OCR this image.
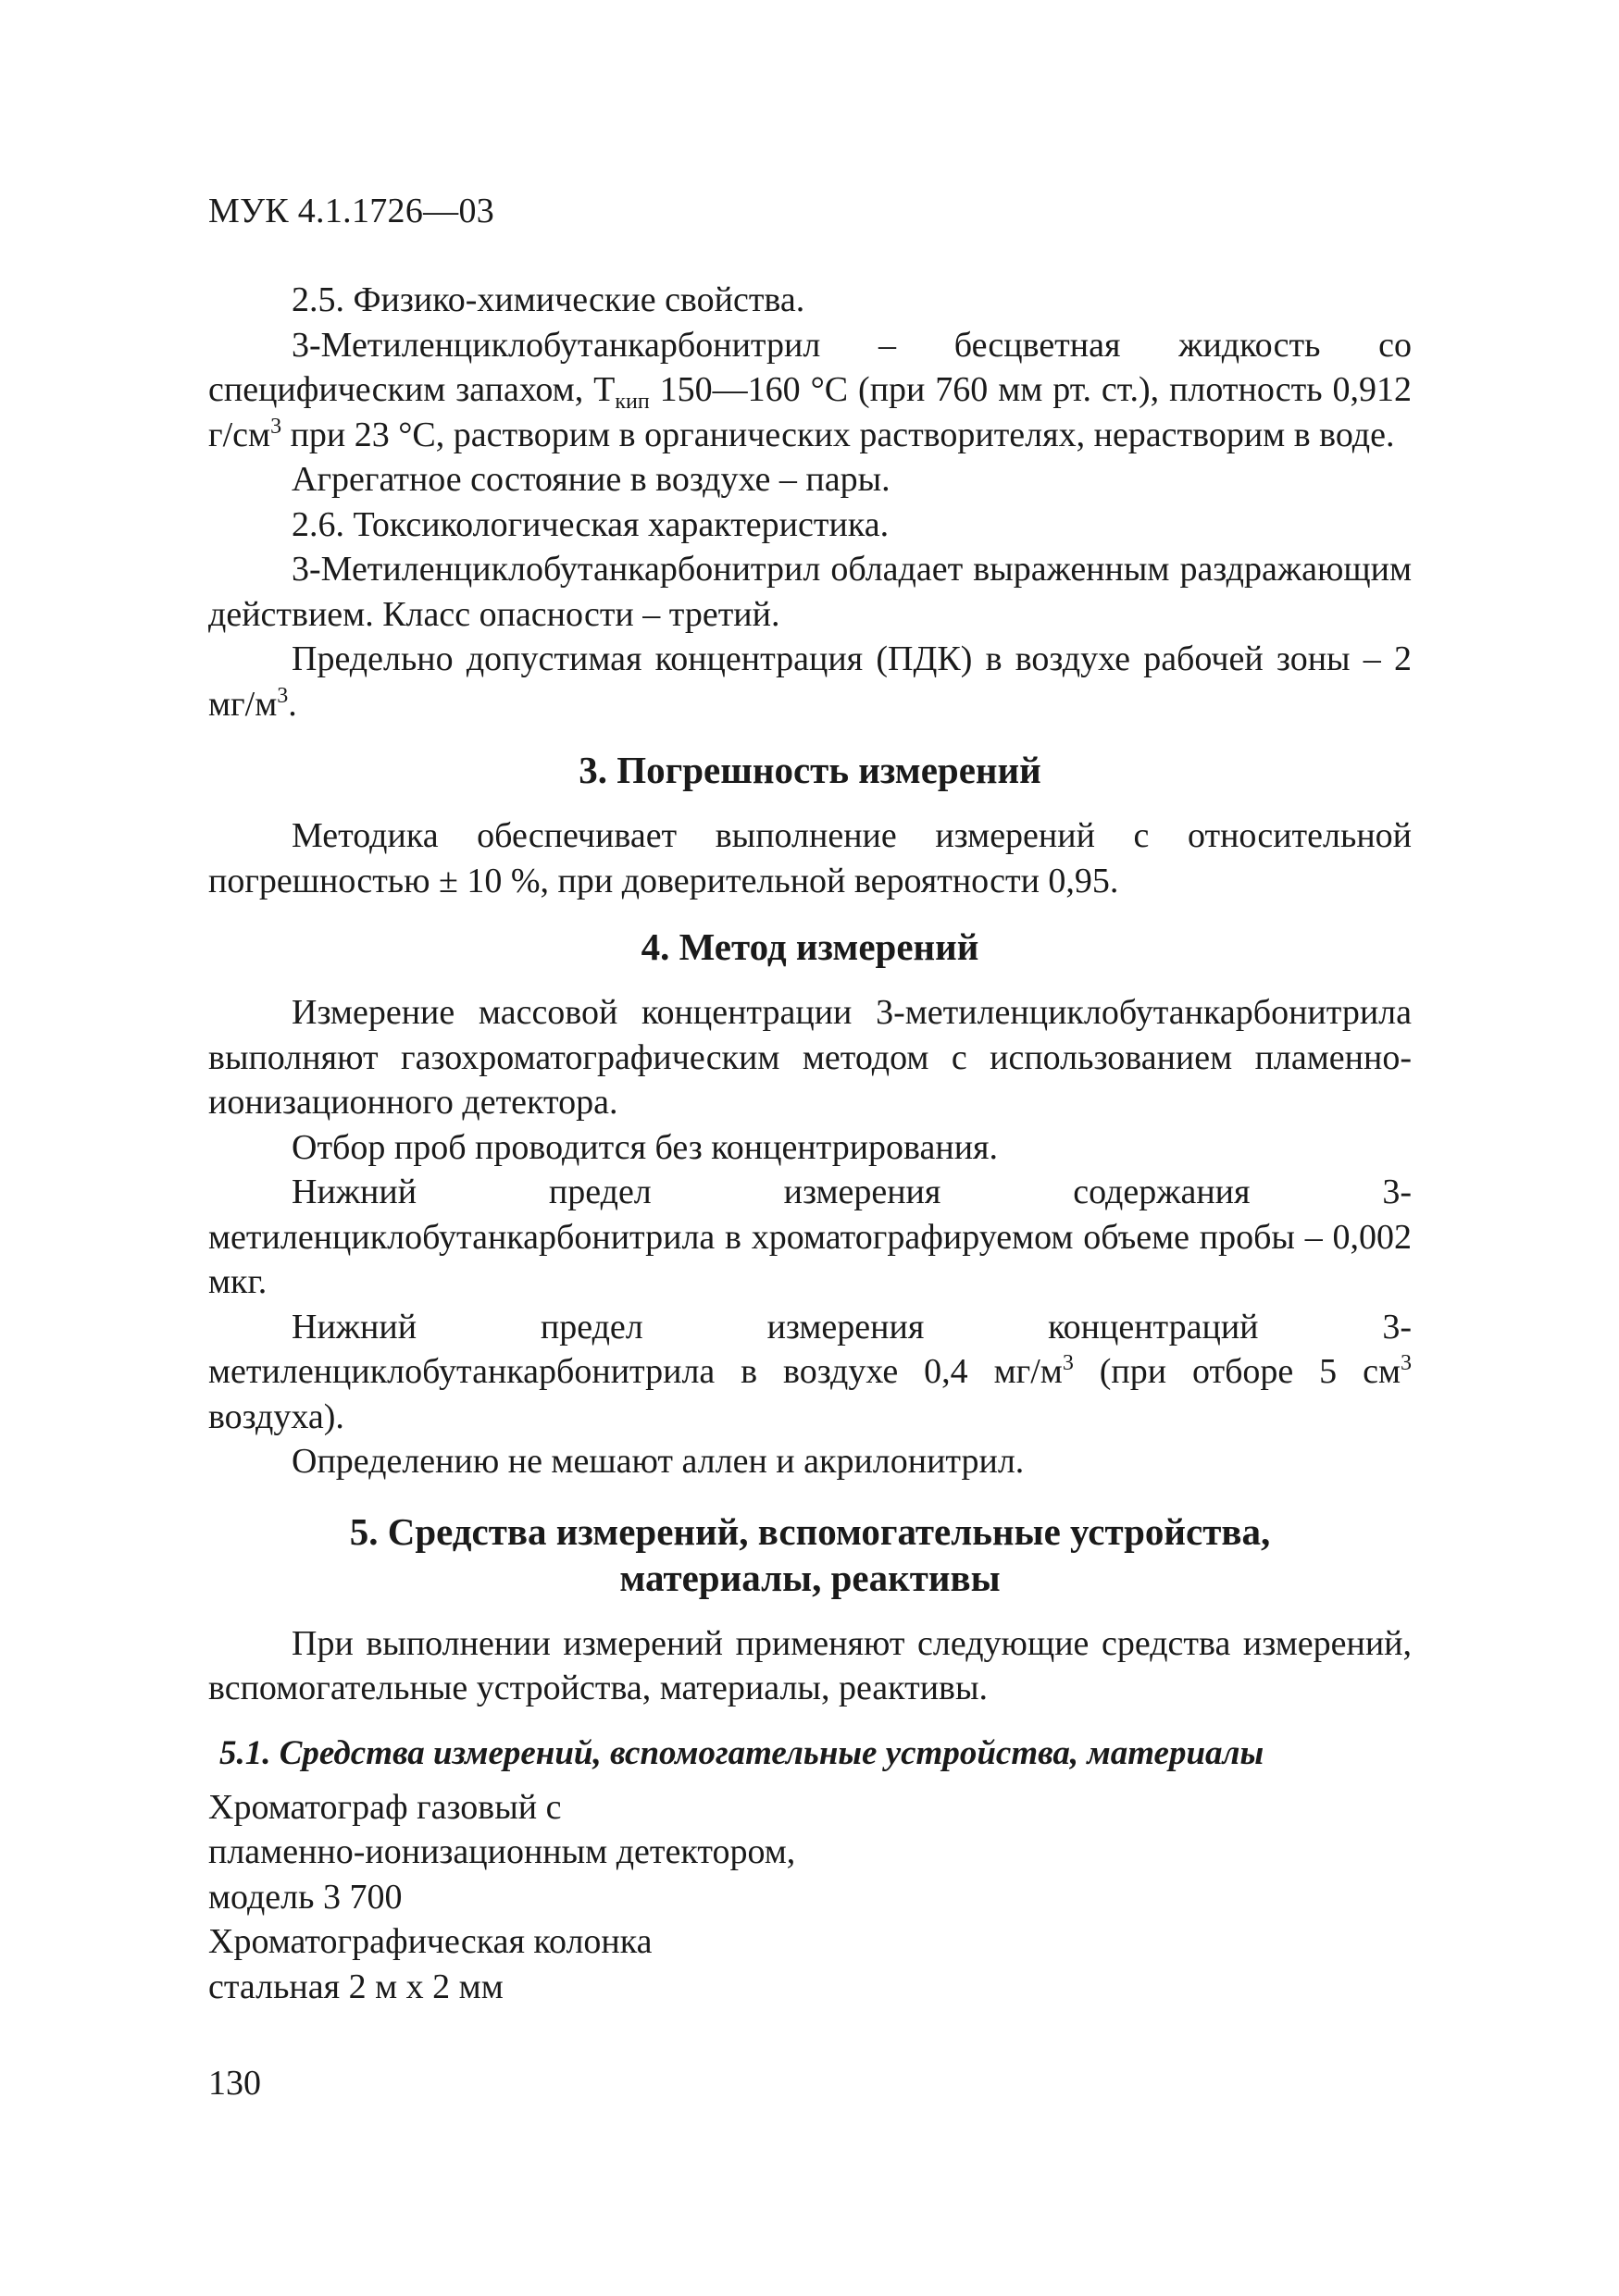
МУК 4.1.1726—03

2.5. Физико-химические свойства.

3-Метиленциклобутанкарбонитрил – бесцветная жидкость со специфическим запахом, $Т_{кип}$ 150—160 °С (при 760 мм рт. ст.), плотность 0,912 $г/см^3$ при 23 °С, растворим в органических растворителях, нерастворим в воде.

Агрегатное состояние в воздухе – пары.

2.6. Токсикологическая характеристика.

3-Метиленциклобутанкарбонитрил обладает выраженным раздражающим действием. Класс опасности – третий.

Предельно допустимая концентрация (ПДК) в воздухе рабочей зоны – 2 $мг/м^3$.

3. Погрешность измерений

Методика обеспечивает выполнение измерений с относительной погрешностью ± 10 %, при доверительной вероятности 0,95.

4. Метод измерений

Измерение массовой концентрации 3-метиленциклобутанкарбонитрила выполняют газохроматографическим методом с использованием пламенно-ионизационного детектора.

Отбор проб проводится без концентрирования.

Нижний предел измерения содержания 3-метиленциклобутанкарбонитрила в хроматографируемом объеме пробы – 0,002 мкг.

Нижний предел измерения концентраций 3-метиленциклобутанкарбонитрила в воздухе 0,4 $мг/м^3$ (при отборе 5 $см^3$ воздуха).

Определению не мешают аллен и акрилонитрил.

5. Средства измерений, вспомогательные устройства,

материалы, реактивы

При выполнении измерений применяют следующие средства измерений, вспомогательные устройства, материалы, реактивы.

5.1. Средства измерений, вспомогательные устройства, материалы

Хроматограф газовый с

пламенно-ионизационным детектором,

модель 3 700

Хроматографическая колонка

стальная 2 м х 2 мм

130
